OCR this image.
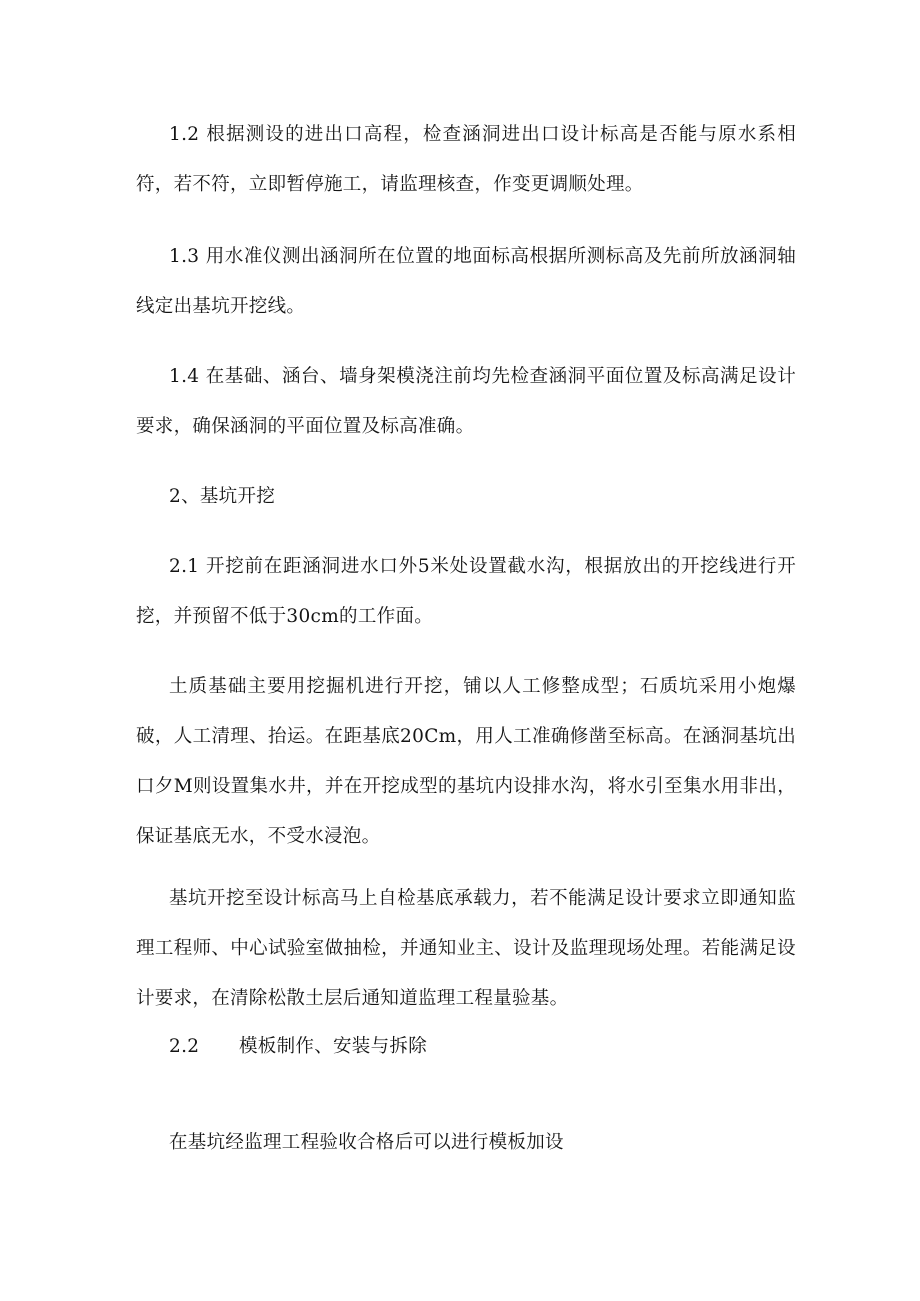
1.2 根据测设的进出口高程，检查涵洞进出口设计标高是否能与原水系相符，若不符，立即暂停施工，请监理核查，作变更调顺处理。

1.3 用水准仪测出涵洞所在位置的地面标高根据所测标高及先前所放涵洞轴线定出基坑开挖线。

1.4 在基础、涵台、墙身架模浇注前均先检查涵洞平面位置及标高满足设计要求，确保涵洞的平面位置及标高准确。

2、基坑开挖

2.1 开挖前在距涵洞进水口外5米处设置截水沟，根据放出的开挖线进行开挖，并预留不低于30cm的工作面。

土质基础主要用挖掘机进行开挖，铺以人工修整成型；石质坑采用小炮爆破，人工清理、抬运。在距基底20Cm，用人工准确修凿至标高。在涵洞基坑出口夕M则设置集水井，并在开挖成型的基坑内设排水沟，将水引至集水用非出，保证基底无水，不受水浸泡。

基坑开挖至设计标高马上自检基底承载力，若不能满足设计要求立即通知监理工程师、中心试验室做抽检，并通知业主、设计及监理现场处理。若能满足设计要求，在清除松散土层后通知道监理工程量验基。

2.2 模板制作、安装与拆除

在基坑经监理工程验收合格后可以进行模板加设
